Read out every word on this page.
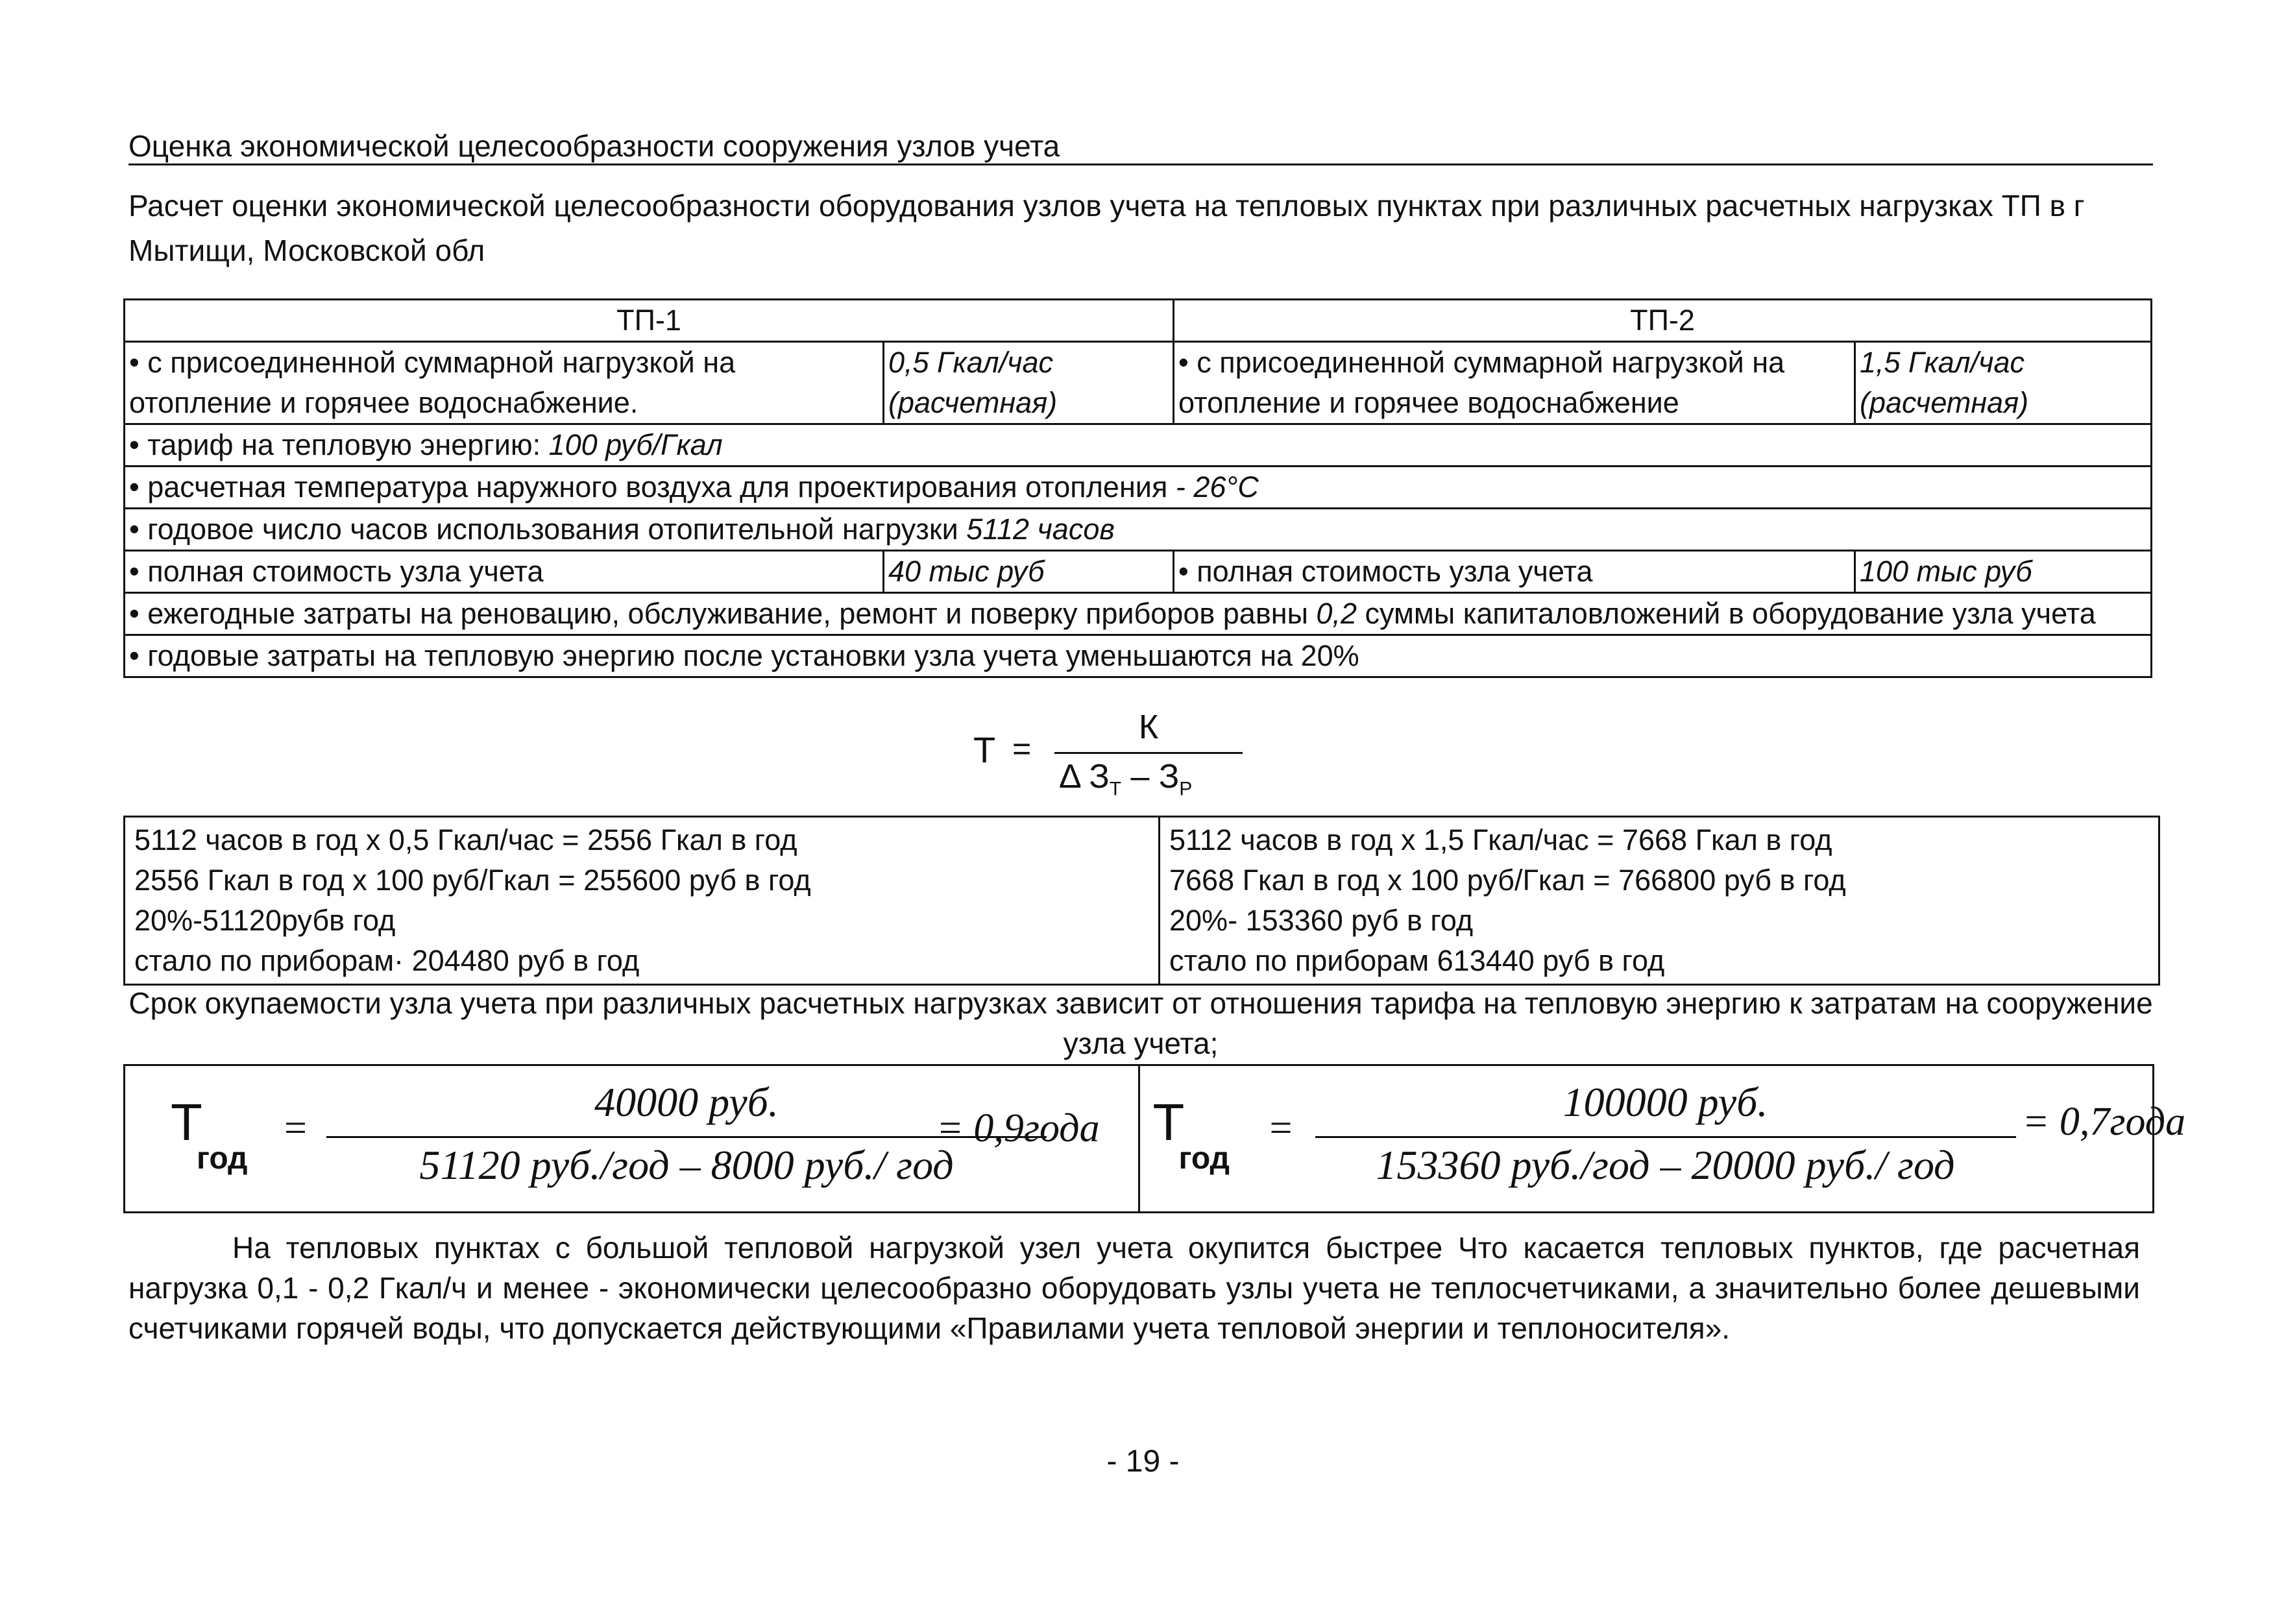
Оценка экономической целесообразности сооружения узлов учета
Расчет оценки экономической целесообразности оборудования узлов учета на тепловых пунктах при различных расчетных нагрузках ТП в г Мытищи, Московской обл
ТП-1		ТП-2	
• с присоединенной суммарной нагрузкой на отопление и горячее водоснабжение.	0,5 Гкал/час (расчетная)	• с присоединенной суммарной нагрузкой на отопление и горячее водоснабжение	1,5 Гкал/час (расчетная)
• тариф на тепловую энергию: 100 руб/Гкал			
• расчетная температура наружного воздуха для проектирования отопления - 26°С			
• годовое число часов использования отопительной нагрузки 5112 часов			
• полная стоимость узла учета	40 тыс руб	• полная стоимость узла учета	100 тыс руб
• ежегодные затраты на реновацию, обслуживание, ремонт и поверку приборов равны 0,2 суммы капиталовложений в оборудование узла учета			
• годовые затраты на тепловую энергию после установки узла учета уменьшаются на 20%			
Т =
К
Δ $З_Т - З_Р$
5112 часов в год х 0,5 Гкал/час = 2556 Гкал в год
2556 Гкал в год х 100 руб/Гкал = 255600 руб в год
20%-51120рубв год
стало по приборам· 204480 руб в год

5112 часов в год х 1,5 Гкал/час = 7668 Гкал в год
7668 Гкал в год х 100 руб/Гкал = 766800 руб в год
20%- 153360 руб в год
стало по приборам 613440 руб в год
Срок окупаемости узла учета при различных расчетных нагрузках зависит от отношения тарифа на тепловую энергию к затратам на сооружение узла учета;
Т
год
=
40000 руб.
51120 руб./год – 8000 руб./ год
= 0,9года Т
год
=
100000 руб.
153360 руб./год – 20000 руб./ год
= 0,7года
На тепловых пунктах с большой тепловой нагрузкой узел учета окупится быстрее Что касается тепловых пунктов, где расчетная нагрузка 0,1 - 0,2 Гкал/ч и менее - экономически целесообразно оборудовать узлы учета не теплосчетчиками, а значительно более дешевыми счетчиками горячей воды, что допускается действующими «Правилами учета тепловой энергии и теплоносителя».
- 19 -
